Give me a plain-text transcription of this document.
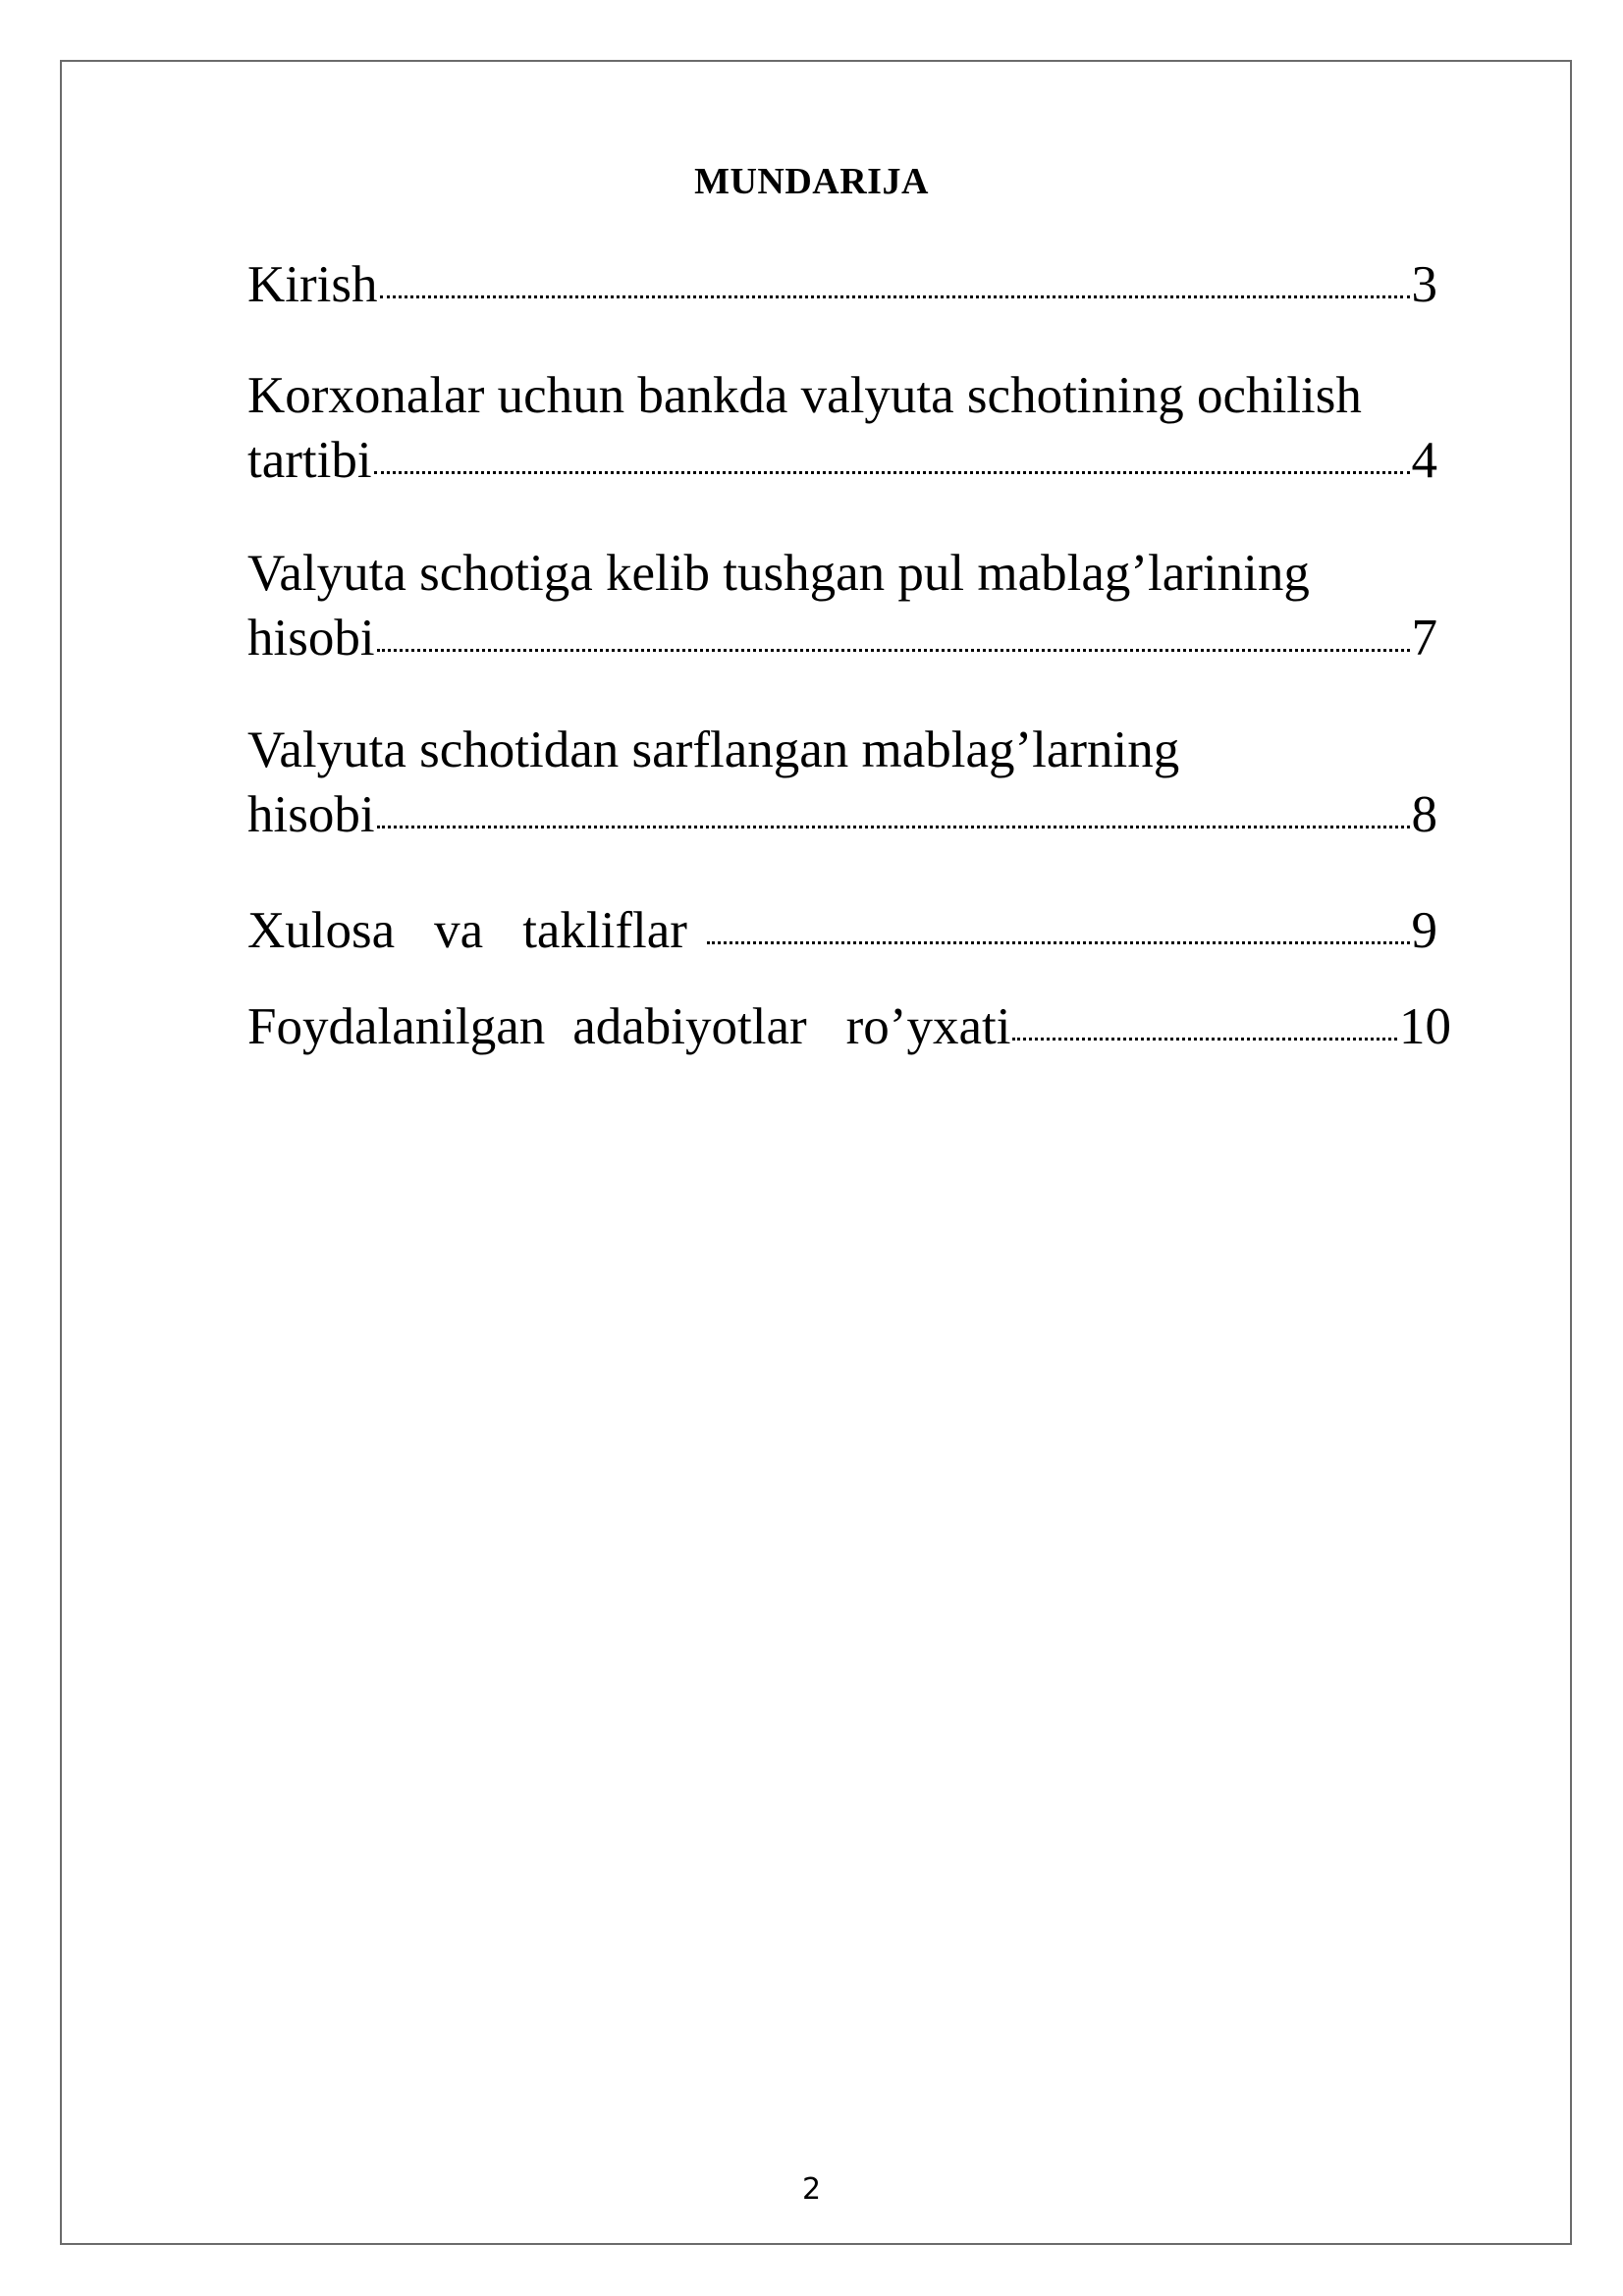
MUNDARIJA
Kirish	3
Korxonalar uchun bankda valyuta schotining ochilish
tartibi	4
Valyuta schotiga kelib tushgan pul mablag’larining
hisobi	7
Valyuta schotidan sarflangan mablag’larning
hisobi	8
Xulosa va takliflar	9
Foydalanilgan adabiyotlar ro’yxati	10
2
